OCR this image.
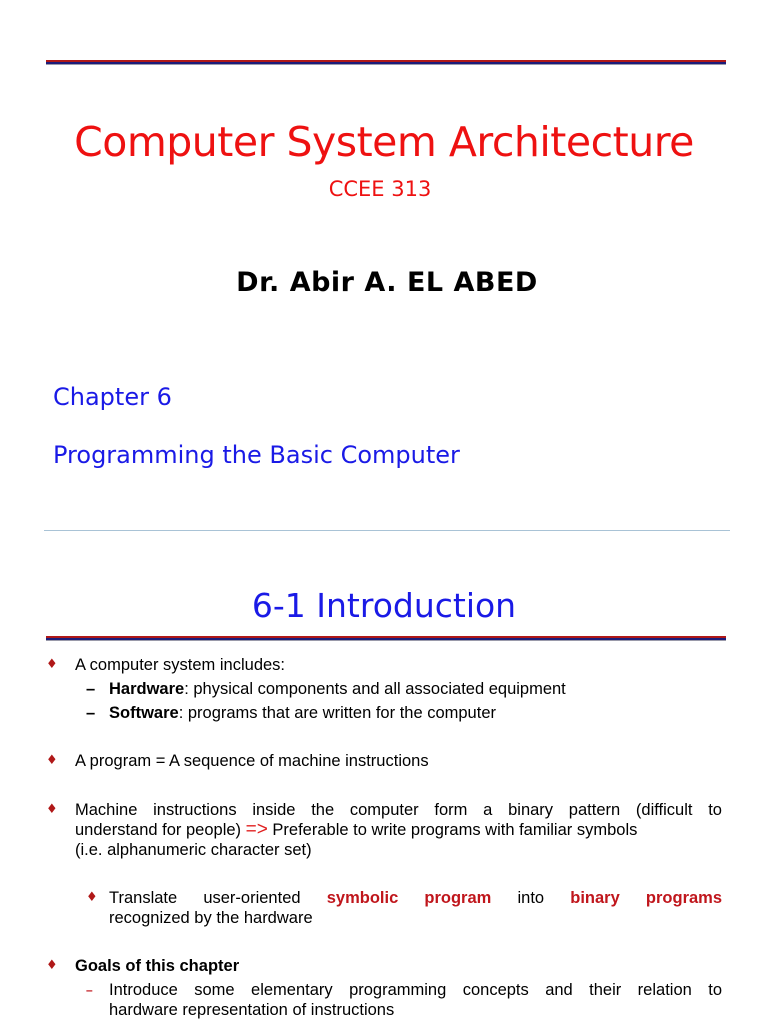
Computer System Architecture
CCEE 313
Dr. Abir A. EL ABED
Chapter 6
Programming the Basic Computer
6-1 Introduction
♦ A computer system includes:
– Hardware: physical components and all associated equipment
– Software: programs that are written for the computer
♦ A program = A sequence of machine instructions
♦ Machine instructions inside the computer form a binary pattern (difficult to
understand for people) => Preferable to write programs with familiar symbols
(i.e. alphanumeric character set)
♦ Translate user-oriented symbolic program into binary programs
recognized by the hardware
♦ Goals of this chapter
– Introduce some elementary programming concepts and their relation to
hardware representation of instructions
